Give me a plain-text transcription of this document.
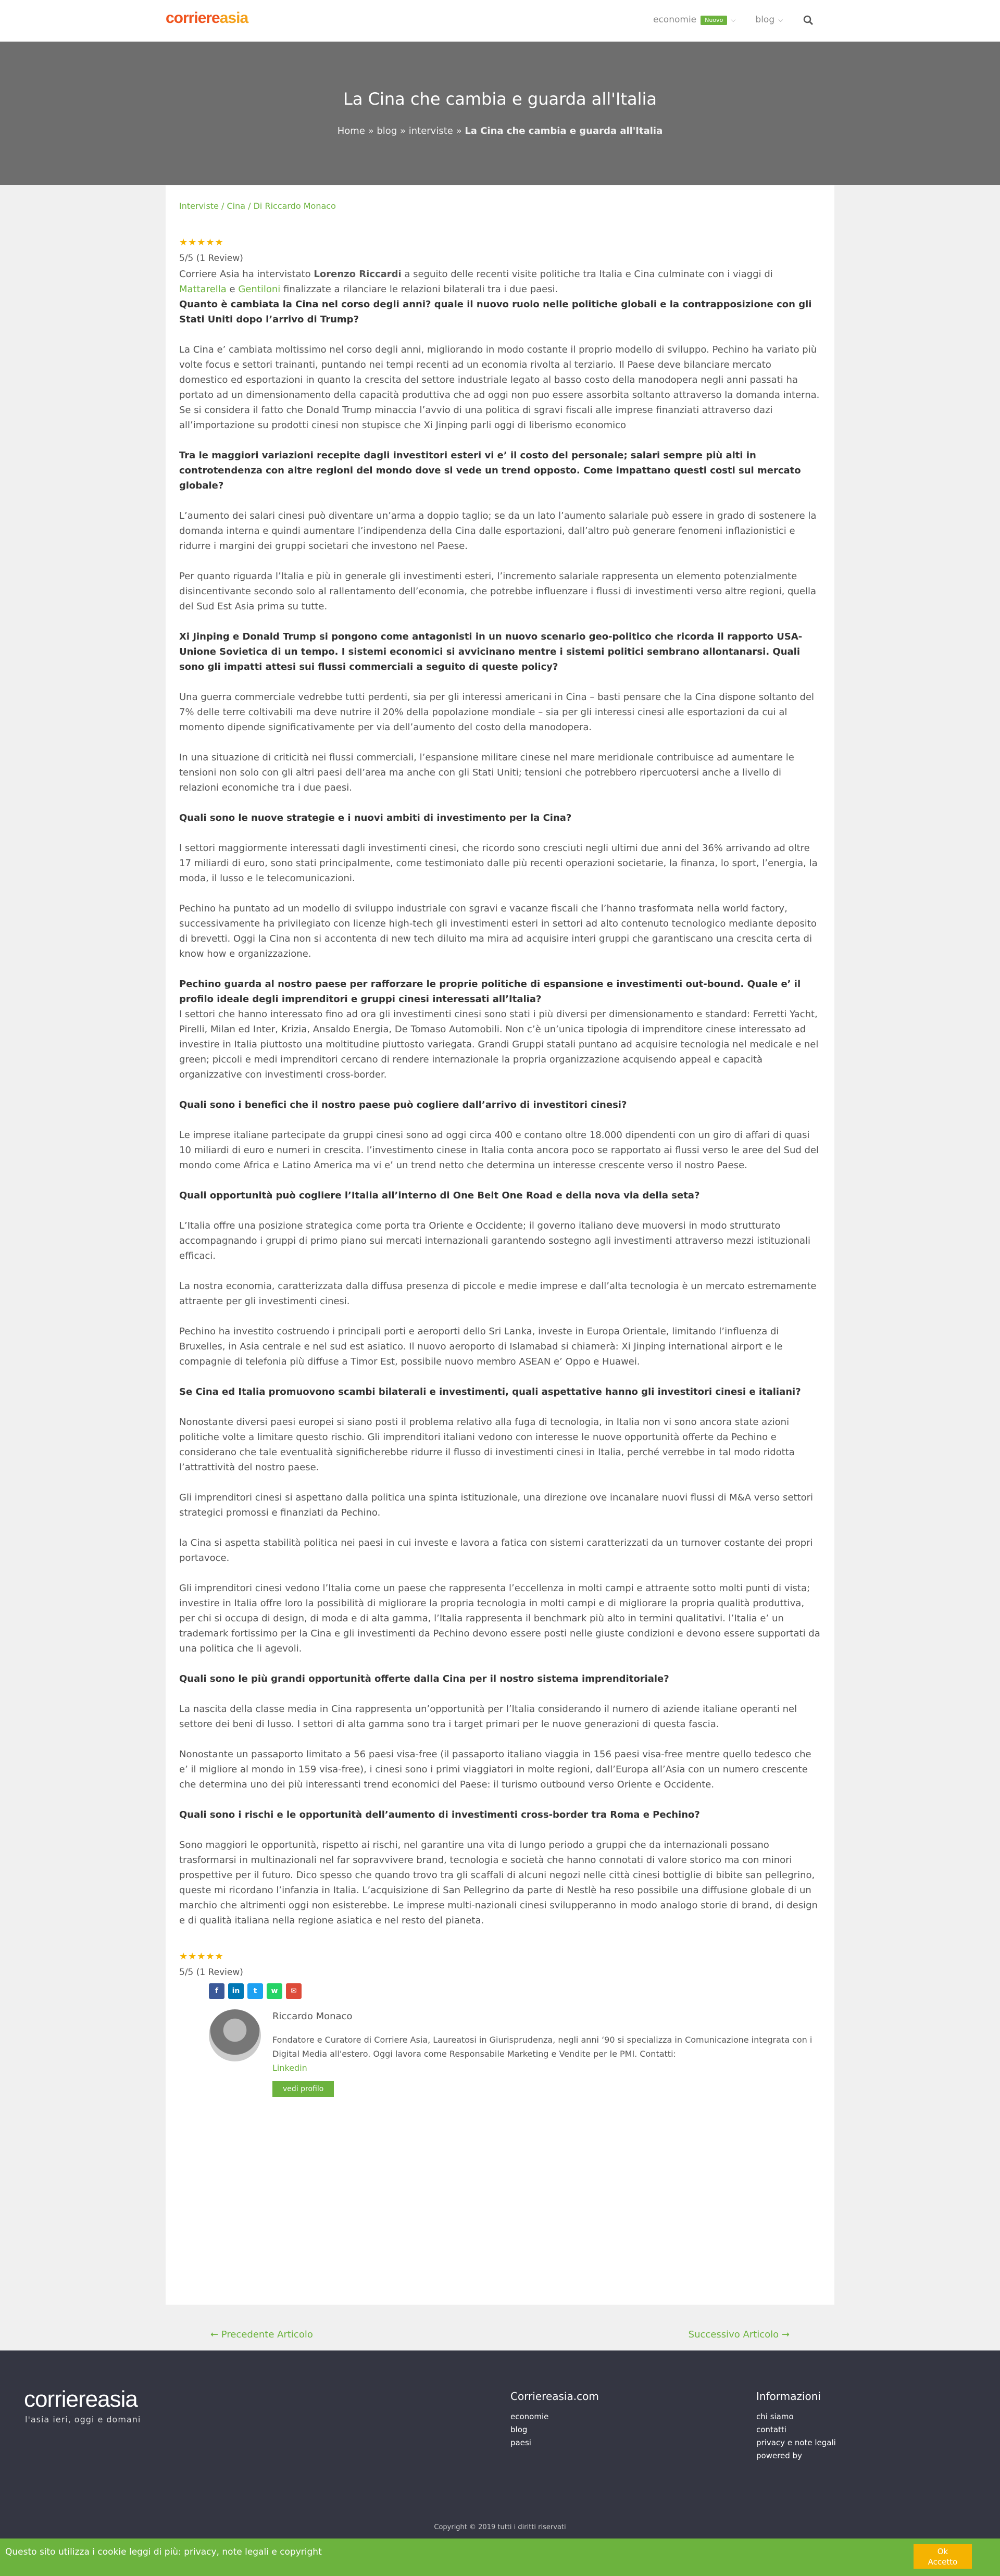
corriereasia	economie	Nuovo	⌵ blog ⌵
La Cina che cambia e guarda all'Italia
Home » blog » interviste » La Cina che cambia e guarda all'Italia
Interviste / Cina / Di Riccardo Monaco
★★★★★
5/5 (1 Review)
Corriere Asia ha intervistato Lorenzo Riccardi a seguito delle recenti visite politiche tra Italia e Cina culminate con i viaggi di
Mattarella e Gentiloni finalizzate a rilanciare le relazioni bilaterali tra i due paesi.
Quanto è cambiata la Cina nel corso degli anni? quale il nuovo ruolo nelle politiche globali e la contrapposizione con gli Stati Uniti dopo l’arrivo di Trump?
La Cina e’ cambiata moltissimo nel corso degli anni, migliorando in modo costante il proprio modello di sviluppo. Pechino ha variato più volte focus e settori trainanti, puntando nei tempi recenti ad un economia rivolta al terziario. Il Paese deve bilanciare mercato domestico ed esportazioni in quanto la crescita del settore industriale legato al basso costo della manodopera negli anni passati ha portato ad un dimensionamento della capacità produttiva che ad oggi non puo essere assorbita soltanto attraverso la domanda interna. Se si considera il fatto che Donald Trump minaccia l’avvio di una politica di sgravi fiscali alle imprese finanziati attraverso dazi all’importazione su prodotti cinesi non stupisce che Xi Jinping parli oggi di liberismo economico
Tra le maggiori variazioni recepite dagli investitori esteri vi e’ il costo del personale; salari sempre più alti in controtendenza con altre regioni del mondo dove si vede un trend opposto. Come impattano questi costi sul mercato globale?
L’aumento dei salari cinesi può diventare un’arma a doppio taglio; se da un lato l’aumento salariale può essere in grado di sostenere la domanda interna e quindi aumentare l’indipendenza della Cina dalle esportazioni, dall’altro può generare fenomeni inflazionistici e ridurre i margini dei gruppi societari che investono nel Paese.
Per quanto riguarda l’Italia e più in generale gli investimenti esteri, l’incremento salariale rappresenta un elemento potenzialmente disincentivante secondo solo al rallentamento dell’economia, che potrebbe influenzare i flussi di investimenti verso altre regioni, quella del Sud Est Asia prima su tutte.
Xi Jinping e Donald Trump si pongono come antagonisti in un nuovo scenario geo-politico che ricorda il rapporto USA-Unione Sovietica di un tempo. I sistemi economici si avvicinano mentre i sistemi politici sembrano allontanarsi. Quali sono gli impatti attesi sui flussi commerciali a seguito di queste policy?
Una guerra commerciale vedrebbe tutti perdenti, sia per gli interessi americani in Cina – basti pensare che la Cina dispone soltanto del 7% delle terre coltivabili ma deve nutrire il 20% della popolazione mondiale – sia per gli interessi cinesi alle esportazioni da cui al momento dipende significativamente per via dell’aumento del costo della manodopera.
In una situazione di criticità nei flussi commerciali, l’espansione militare cinese nel mare meridionale contribuisce ad aumentare le tensioni non solo con gli altri paesi dell’area ma anche con gli Stati Uniti; tensioni che potrebbero ripercuotersi anche a livello di relazioni economiche tra i due paesi.
Quali sono le nuove strategie e i nuovi ambiti di investimento per la Cina?
I settori maggiormente interessati dagli investimenti cinesi, che ricordo sono cresciuti negli ultimi due anni del 36% arrivando ad oltre 17 miliardi di euro, sono stati principalmente, come testimoniato dalle più recenti operazioni societarie, la finanza, lo sport, l’energia, la moda, il lusso e le telecomunicazioni.
Pechino ha puntato ad un modello di sviluppo industriale con sgravi e vacanze fiscali che l’hanno trasformata nella world factory, successivamente ha privilegiato con licenze high-tech gli investimenti esteri in settori ad alto contenuto tecnologico mediante deposito di brevetti. Oggi la Cina non si accontenta di new tech diluito ma mira ad acquisire interi gruppi che garantiscano una crescita certa di know how e organizzazione.
Pechino guarda al nostro paese per rafforzare le proprie politiche di espansione e investimenti out-bound. Quale e’ il profilo ideale degli imprenditori e gruppi cinesi interessati all’Italia?
I settori che hanno interessato fino ad ora gli investimenti cinesi sono stati i più diversi per dimensionamento e standard: Ferretti Yacht, Pirelli, Milan ed Inter, Krizia, Ansaldo Energia, De Tomaso Automobili. Non c’è un’unica tipologia di imprenditore cinese interessato ad investire in Italia piuttosto una moltitudine piuttosto variegata. Grandi Gruppi statali puntano ad acquisire tecnologia nel medicale e nel green; piccoli e medi imprenditori cercano di rendere internazionale la propria organizzazione acquisendo appeal e capacità organizzative con investimenti cross-border.
Quali sono i benefici che il nostro paese può cogliere dall’arrivo di investitori cinesi?
Le imprese italiane partecipate da gruppi cinesi sono ad oggi circa 400 e contano oltre 18.000 dipendenti con un giro di affari di quasi 10 miliardi di euro e numeri in crescita. l’investimento cinese in Italia conta ancora poco se rapportato ai flussi verso le aree del Sud del mondo come Africa e Latino America ma vi e’ un trend netto che determina un interesse crescente verso il nostro Paese.
Quali opportunità può cogliere l’Italia all’interno di One Belt One Road e della nova via della seta?
L’Italia offre una posizione strategica come porta tra Oriente e Occidente; il governo italiano deve muoversi in modo strutturato accompagnando i gruppi di primo piano sui mercati internazionali garantendo sostegno agli investimenti attraverso mezzi istituzionali efficaci.
La nostra economia, caratterizzata dalla diffusa presenza di piccole e medie imprese e dall’alta tecnologia è un mercato estremamente attraente per gli investimenti cinesi.
Pechino ha investito costruendo i principali porti e aeroporti dello Sri Lanka, investe in Europa Orientale, limitando l’influenza di Bruxelles, in Asia centrale e nel sud est asiatico. Il nuovo aeroporto di Islamabad si chiamerà: Xi Jinping international airport e le compagnie di telefonia più diffuse a Timor Est, possibile nuovo membro ASEAN e’ Oppo e Huawei.
Se Cina ed Italia promuovono scambi bilaterali e investimenti, quali aspettative hanno gli investitori cinesi e italiani?
Nonostante diversi paesi europei si siano posti il problema relativo alla fuga di tecnologia, in Italia non vi sono ancora state azioni politiche volte a limitare questo rischio. Gli imprenditori italiani vedono con interesse le nuove opportunità offerte da Pechino e considerano che tale eventualità significherebbe ridurre il flusso di investimenti cinesi in Italia, perché verrebbe in tal modo ridotta l’attrattività del nostro paese.
Gli imprenditori cinesi si aspettano dalla politica una spinta istituzionale, una direzione ove incanalare nuovi flussi di M&A verso settori strategici promossi e finanziati da Pechino.
la Cina si aspetta stabilità politica nei paesi in cui investe e lavora a fatica con sistemi caratterizzati da un turnover costante dei propri portavoce.
Gli imprenditori cinesi vedono l’Italia come un paese che rappresenta l’eccellenza in molti campi e attraente sotto molti punti di vista; investire in Italia offre loro la possibilità di migliorare la propria tecnologia in molti campi e di migliorare la propria qualità produttiva, per chi si occupa di design, di moda e di alta gamma, l’Italia rappresenta il benchmark più alto in termini qualitativi. l’Italia e’ un trademark fortissimo per la Cina e gli investimenti da Pechino devono essere posti nelle giuste condizioni e devono essere supportati da una politica che li agevoli.
Quali sono le più grandi opportunità offerte dalla Cina per il nostro sistema imprenditoriale?
La nascita della classe media in Cina rappresenta un’opportunità per l’Italia considerando il numero di aziende italiane operanti nel settore dei beni di lusso. I settori di alta gamma sono tra i target primari per le nuove generazioni di questa fascia.
Nonostante un passaporto limitato a 56 paesi visa-free (il passaporto italiano viaggia in 156 paesi visa-free mentre quello tedesco che e’ il migliore al mondo in 159 visa-free), i cinesi sono i primi viaggiatori in molte regioni, dall’Europa all’Asia con un numero crescente che determina uno dei più interessanti trend economici del Paese: il turismo outbound verso Oriente e Occidente.
Quali sono i rischi e le opportunità dell’aumento di investimenti cross-border tra Roma e Pechino?
Sono maggiori le opportunità, rispetto ai rischi, nel garantire una vita di lungo periodo a gruppi che da internazionali possano trasformarsi in multinazionali nel far sopravvivere brand, tecnologia e società che hanno connotati di valore storico ma con minori prospettive per il futuro. Dico spesso che quando trovo tra gli scaffali di alcuni negozi nelle città cinesi bottiglie di bibite san pellegrino, queste mi ricordano l’infanzia in Italia. L’acquisizione di San Pellegrino da parte di Nestlè ha reso possibile una diffusione globale di un marchio che altrimenti oggi non esisterebbe. Le imprese multi-nazionali cinesi svilupperanno in modo analogo storie di brand, di design e di qualità italiana nella regione asiatica e nel resto del pianeta.
★★★★★
5/5 (1 Review)
f	in	t	w	✉
Riccardo Monaco
Fondatore e Curatore di Corriere Asia, Laureatosi in Giurisprudenza, negli anni ‘90 si specializza in Comunicazione integrata con i Digital Media all'estero. Oggi lavora come Responsabile Marketing e Vendite per le PMI. Contatti:
Linkedin
vedi profilo
← Precedente Articolo	Successivo Articolo →
corriereasia
l'asia ieri, oggi e domani
Corriereasia.com
economie
blog
paesi
Informazioni
chi siamo
contatti
privacy e note legali
powered by
Copyright © 2019 tutti i diritti riservati
Questo sito utilizza i cookie leggi di più: privacy, note legali e copyright	Ok
Accetto
